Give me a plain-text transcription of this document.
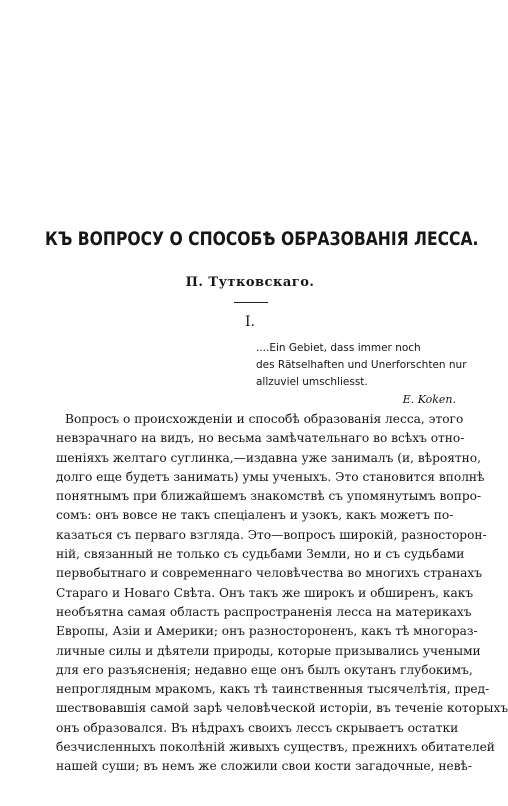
КЪ ВОПРОСУ О СПОСОБѢ ОБРАЗОВАНІЯ ЛЕССА.
П. Тутковскаго.
I.
....Ein Gebiet, dass immer noch
des Rätselhaften und Unerforschten nur
allzuviel umschliesst.
E. Koken.
Вопросъ о происхожденіи и способѣ образованія лесса, этого
невзрачнаго на видъ, но весьма замѣчательнаго во всѣхъ отно-
шеніяхъ желтаго суглинка,—издавна уже занималъ (и, вѣроятно,
долго еще будетъ занимать) умы ученыхъ. Это становится вполнѣ
понятнымъ при ближайшемъ знакомствѣ съ упомянутымъ вопро-
сомъ: онъ вовсе не такъ спеціаленъ и узокъ, какъ можетъ по-
казаться съ перваго взгляда. Это—вопросъ широкій, разносторон-
ній, связанный не только съ судьбами Земли, но и съ судьбами
первобытнаго и современнаго человѣчества во многихъ странахъ
Стараго и Новаго Свѣта. Онъ такъ же широкъ и обширенъ, какъ
необъятна самая область распространенія лесса на материкахъ
Европы, Азіи и Америки; онъ разностороненъ, какъ тѣ многораз-
личные силы и дѣятели природы, которые призывались учеными
для его разъясненія; недавно еще онъ былъ окутанъ глубокимъ,
непроглядным мракомъ, какъ тѣ таинственныя тысячелѣтія, пред-
шествовавшія самой зарѣ человѣческой исторіи, въ теченіе которыхъ
онъ образовался. Въ нѣдрахъ своихъ лессъ скрываетъ остатки
безчисленныхъ поколѣній живыхъ существъ, прежнихъ обитателей
нашей суши; въ немъ же сложили свои кости загадочные, невѣ-
